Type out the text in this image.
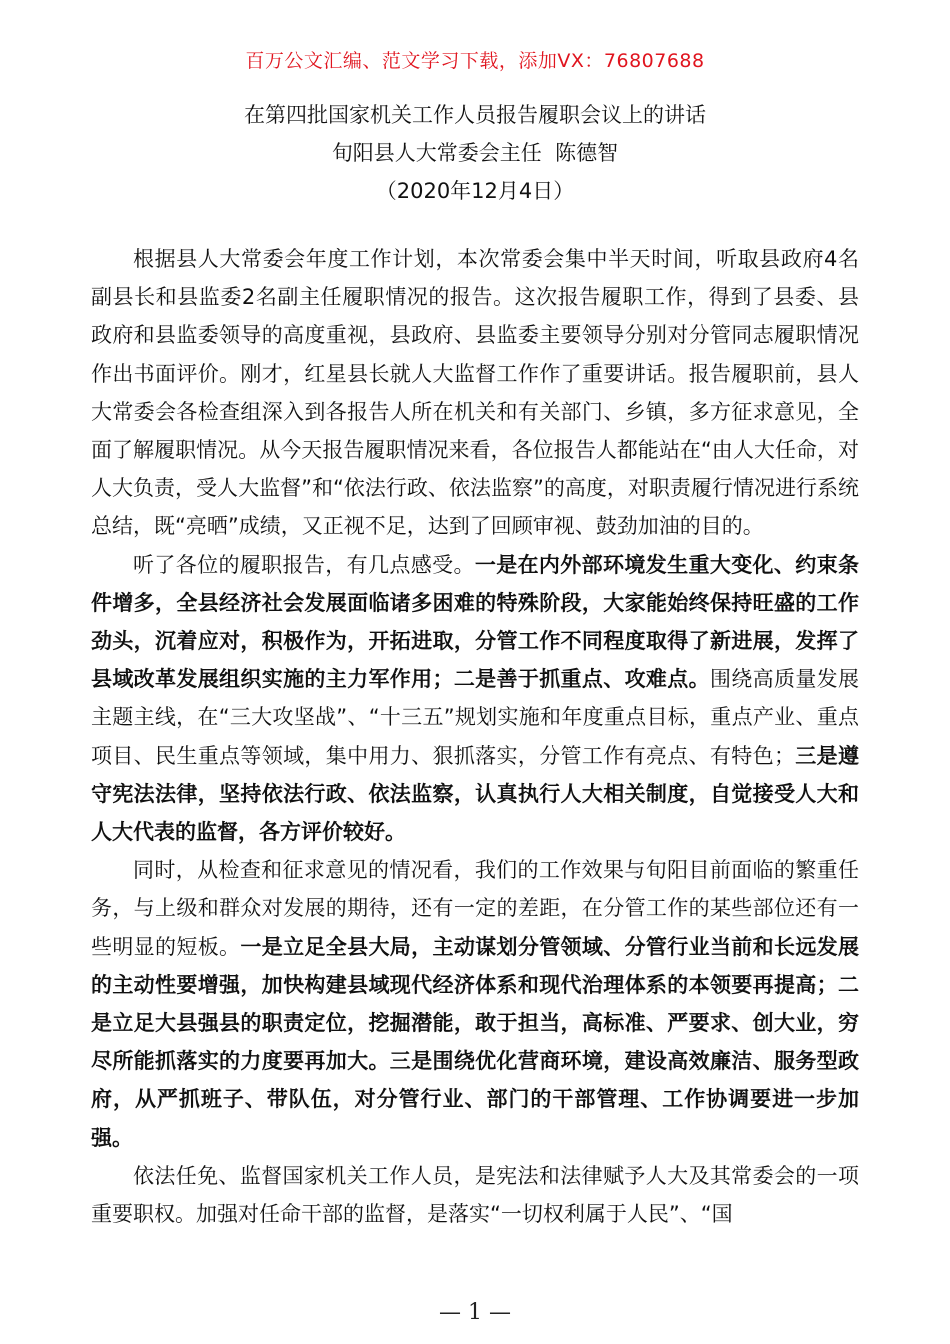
百万公文汇编、范文学习下载，添加VX：76807688
在第四批国家机关工作人员报告履职会议上的讲话
旬阳县人大常委会主任  陈德智
（2020年12月4日）

根据县人大常委会年度工作计划，本次常委会集中半天时间，听取县政府4名副县长和县监委2名副主任履职情况的报告。这次报告履职工作，得到了县委、县政府和县监委领导的高度重视，县政府、县监委主要领导分别对分管同志履职情况作出书面评价。刚才，红星县长就人大监督工作作了重要讲话。报告履职前，县人大常委会各检查组深入到各报告人所在机关和有关部门、乡镇，多方征求意见，全面了解履职情况。从今天报告履职情况来看，各位报告人都能站在“由人大任命，对人大负责，受人大监督”和“依法行政、依法监察”的高度，对职责履行情况进行系统总结，既“亮晒”成绩，又正视不足，达到了回顾审视、鼓劲加油的目的。

听了各位的履职报告，有几点感受。一是在内外部环境发生重大变化、约束条件增多，全县经济社会发展面临诸多困难的特殊阶段，大家能始终保持旺盛的工作劲头，沉着应对，积极作为，开拓进取，分管工作不同程度取得了新进展，发挥了县域改革发展组织实施的主力军作用；二是善于抓重点、攻难点。围绕高质量发展主题主线，在“三大攻坚战”、“十三五”规划实施和年度重点目标，重点产业、重点项目、民生重点等领域，集中用力、狠抓落实，分管工作有亮点、有特色；三是遵守宪法法律，坚持依法行政、依法监察，认真执行人大相关制度，自觉接受人大和人大代表的监督，各方评价较好。

同时，从检查和征求意见的情况看，我们的工作效果与旬阳目前面临的繁重任务，与上级和群众对发展的期待，还有一定的差距，在分管工作的某些部位还有一些明显的短板。一是立足全县大局，主动谋划分管领域、分管行业当前和长远发展的主动性要增强，加快构建县域现代经济体系和现代治理体系的本领要再提高；二是立足大县强县的职责定位，挖掘潜能，敢于担当，高标准、严要求、创大业，穷尽所能抓落实的力度要再加大。三是围绕优化营商环境，建设高效廉洁、服务型政府，从严抓班子、带队伍，对分管行业、部门的干部管理、工作协调要进一步加强。

依法任免、监督国家机关工作人员，是宪法和法律赋予人大及其常委会的一项重要职权。加强对任命干部的监督，是落实“一切权利属于人民”、“国

— 1 —
